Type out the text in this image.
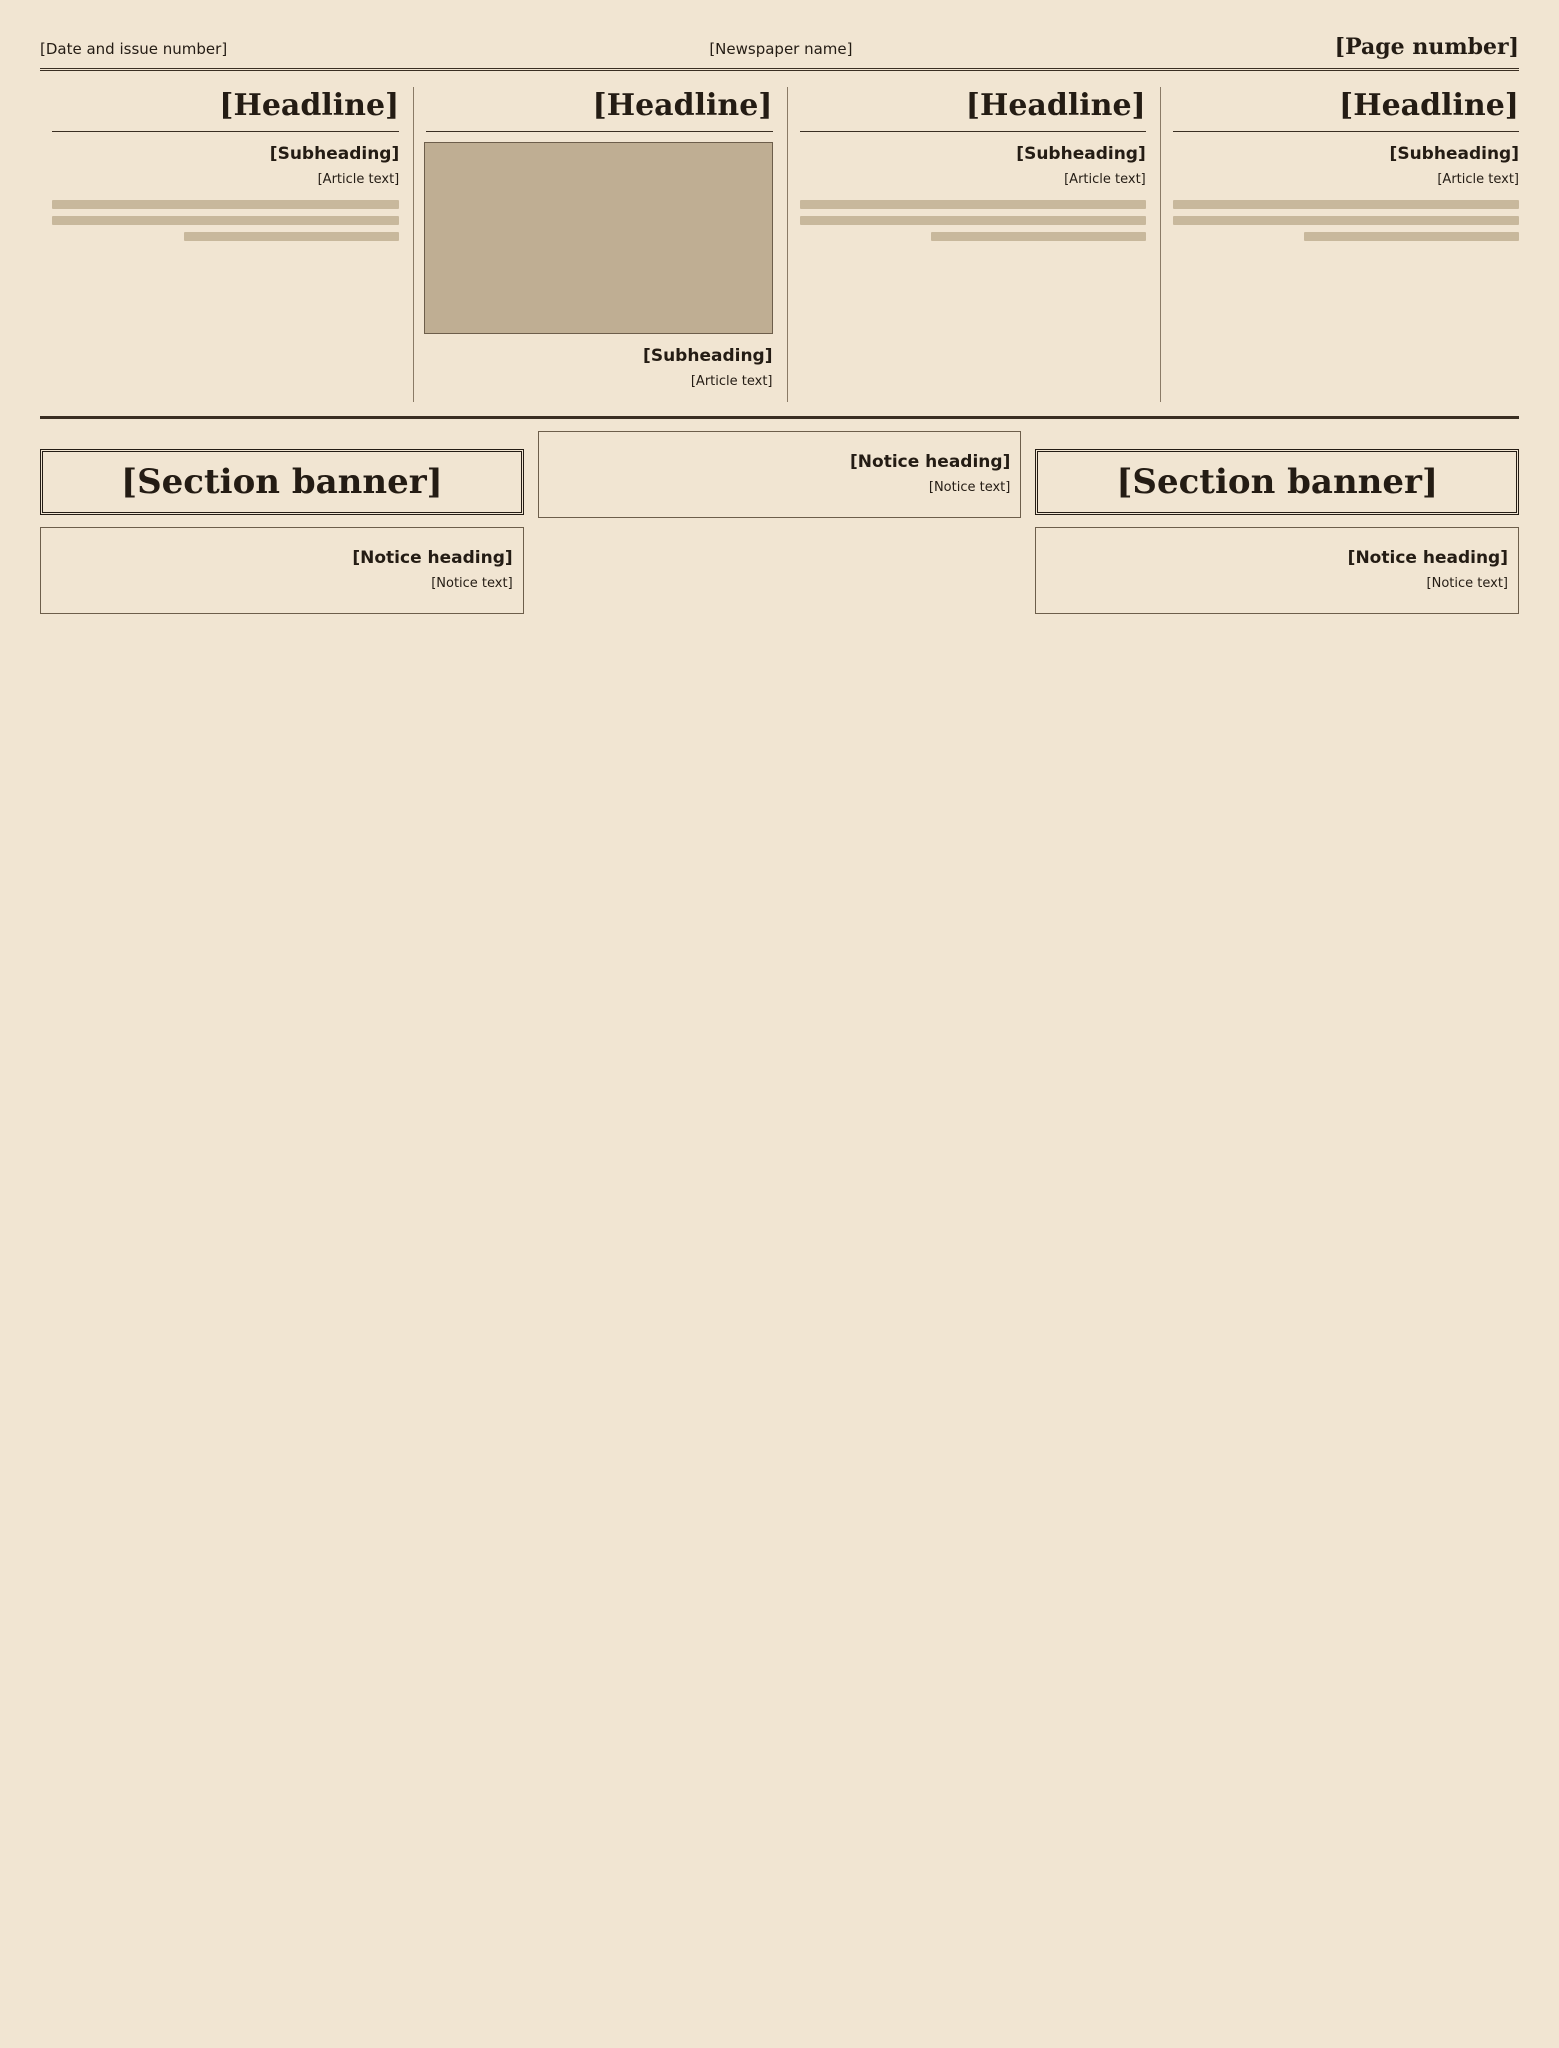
[Page number]
[Newspaper name]
[Date and issue number]
[Headline]
[Subheading]

[Article text]

[Headline]
[Subheading]

[Article text]

[Headline]
[Subheading]

[Article text]

[Headline]
[Subheading]

[Article text]

[Section banner]
[Notice heading]

[Notice text]

[Notice heading]

[Notice text]

[Section banner]
[Notice heading]

[Notice text]
